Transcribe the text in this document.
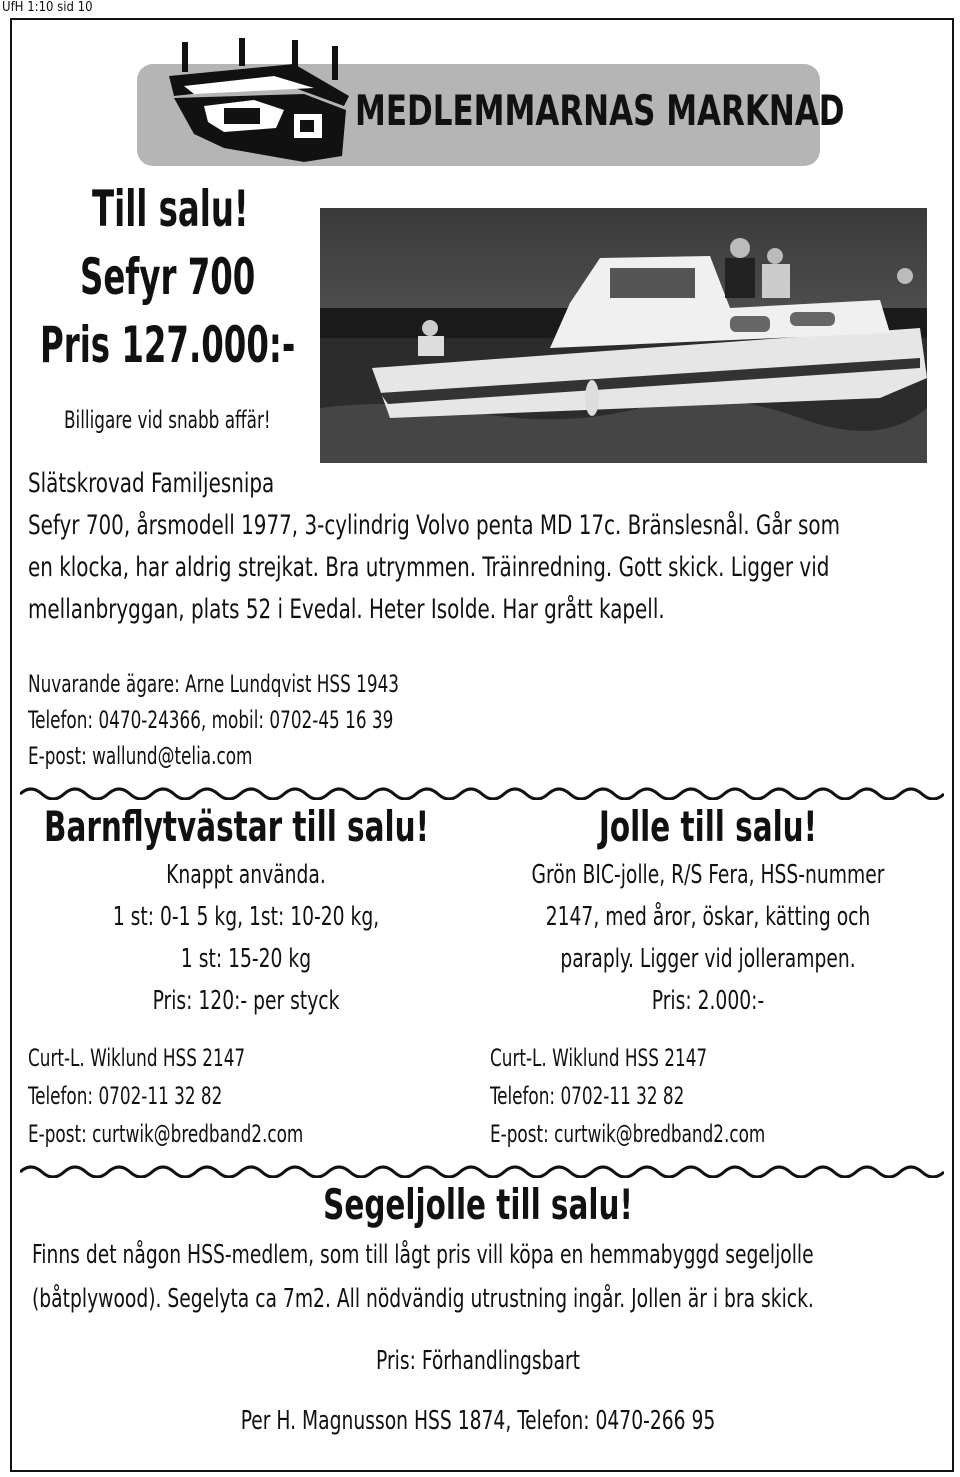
UfH 1:10 sid 10
MEDLEMMARNAS MARKNAD
Till salu!
Sefyr 700
Pris 127.000:-
Billigare vid snabb affär!
Slätskrovad Familjesnipa
Sefyr 700, årsmodell 1977, 3-cylindrig Volvo penta MD 17c. Bränslesnål. Går som
en klocka, har aldrig strejkat. Bra utrymmen. Träinredning. Gott skick. Ligger vid
mellanbryggan, plats 52 i Evedal. Heter Isolde. Har grått kapell.
Nuvarande ägare: Arne Lundqvist HSS 1943
Telefon: 0470-24366, mobil: 0702-45 16 39
E-post: wallund@telia.com
Barnflytvästar till salu!
Knappt använda.
1 st: 0-1 5 kg, 1st: 10-20 kg,
1 st: 15-20 kg
Pris: 120:- per styck
Curt-L. Wiklund HSS 2147
Telefon: 0702-11 32 82
E-post: curtwik@bredband2.com
Jolle till salu!
Grön BIC-jolle, R/S Fera, HSS-nummer
2147, med åror, öskar, kätting och
paraply. Ligger vid jollerampen.
Pris: 2.000:-
Curt-L. Wiklund HSS 2147
Telefon: 0702-11 32 82
E-post: curtwik@bredband2.com
Segeljolle till salu!
Finns det någon HSS-medlem, som till lågt pris vill köpa en hemmabyggd segeljolle
(båtplywood). Segelyta ca 7m2. All nödvändig utrustning ingår. Jollen är i bra skick.
Pris: Förhandlingsbart
Per H. Magnusson HSS 1874, Telefon: 0470-266 95
